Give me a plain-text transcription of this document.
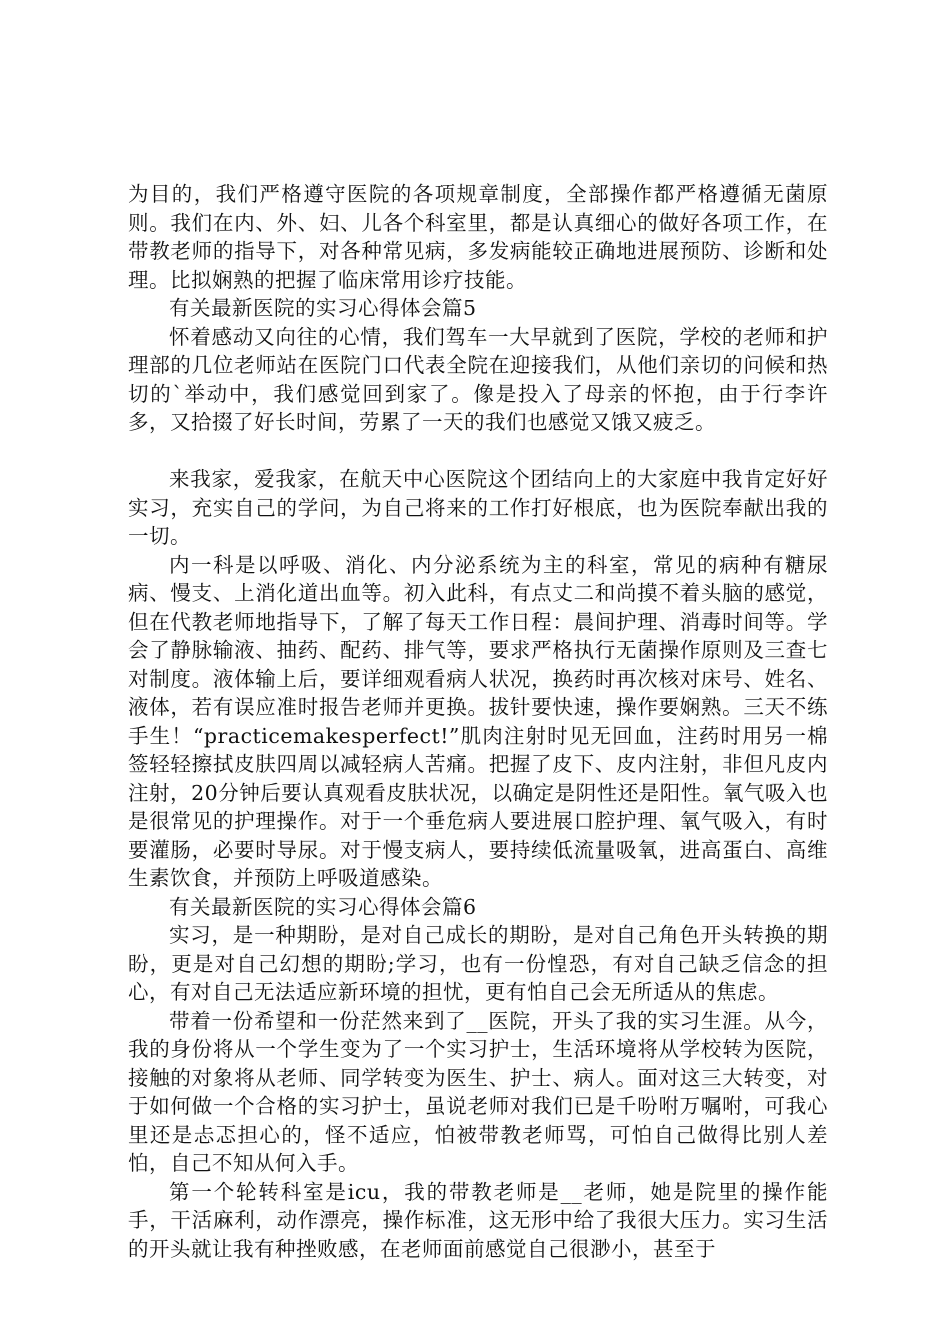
为目的，我们严格遵守医院的各项规章制度，全部操作都严格遵循无菌原则。我们在内、外、妇、儿各个科室里，都是认真细心的做好各项工作，在带教老师的指导下，对各种常见病，多发病能较正确地进展预防、诊断和处理。比拟娴熟的把握了临床常用诊疗技能。

有关最新医院的实习心得体会篇5

怀着感动又向往的心情，我们驾车一大早就到了医院，学校的老师和护理部的几位老师站在医院门口代表全院在迎接我们，从他们亲切的问候和热切的`举动中，我们感觉回到家了。像是投入了母亲的怀抱，由于行李许多，又拾掇了好长时间，劳累了一天的我们也感觉又饿又疲乏。

来我家，爱我家，在航天中心医院这个团结向上的大家庭中我肯定好好实习，充实自己的学问，为自己将来的工作打好根底，也为医院奉献出我的一切。

内一科是以呼吸、消化、内分泌系统为主的科室，常见的病种有糖尿病、慢支、上消化道出血等。初入此科，有点丈二和尚摸不着头脑的感觉，但在代教老师地指导下，了解了每天工作日程：晨间护理、消毒时间等。学会了静脉输液、抽药、配药、排气等，要求严格执行无菌操作原则及三查七对制度。液体输上后，要详细观看病人状况，换药时再次核对床号、姓名、液体，若有误应准时报告老师并更换。拔针要快速，操作要娴熟。三天不练手生！“practicemakesperfect!”肌肉注射时见无回血，注药时用另一棉签轻轻擦拭皮肤四周以减轻病人苦痛。把握了皮下、皮内注射，非但凡皮内注射，20分钟后要认真观看皮肤状况，以确定是阴性还是阳性。氧气吸入也是很常见的护理操作。对于一个垂危病人要进展口腔护理、氧气吸入，有时要灌肠，必要时导尿。对于慢支病人，要持续低流量吸氧，进高蛋白、高维生素饮食，并预防上呼吸道感染。

有关最新医院的实习心得体会篇6

实习，是一种期盼，是对自己成长的期盼，是对自己角色开头转换的期盼，更是对自己幻想的期盼;学习，也有一份惶恐，有对自己缺乏信念的担心，有对自己无法适应新环境的担忧，更有怕自己会无所适从的焦虑。

带着一份希望和一份茫然来到了__医院，开头了我的实习生涯。从今，我的身份将从一个学生变为了一个实习护士，生活环境将从学校转为医院，接触的对象将从老师、同学转变为医生、护士、病人。面对这三大转变，对于如何做一个合格的实习护士，虽说老师对我们已是千吩咐万嘱咐，可我心里还是忐忑担心的，怪不适应，怕被带教老师骂，可怕自己做得比别人差怕，自己不知从何入手。

第一个轮转科室是icu，我的带教老师是__老师，她是院里的操作能手，干活麻利，动作漂亮，操作标准，这无形中给了我很大压力。实习生活的开头就让我有种挫败感，在老师面前感觉自己很渺小，甚至于
